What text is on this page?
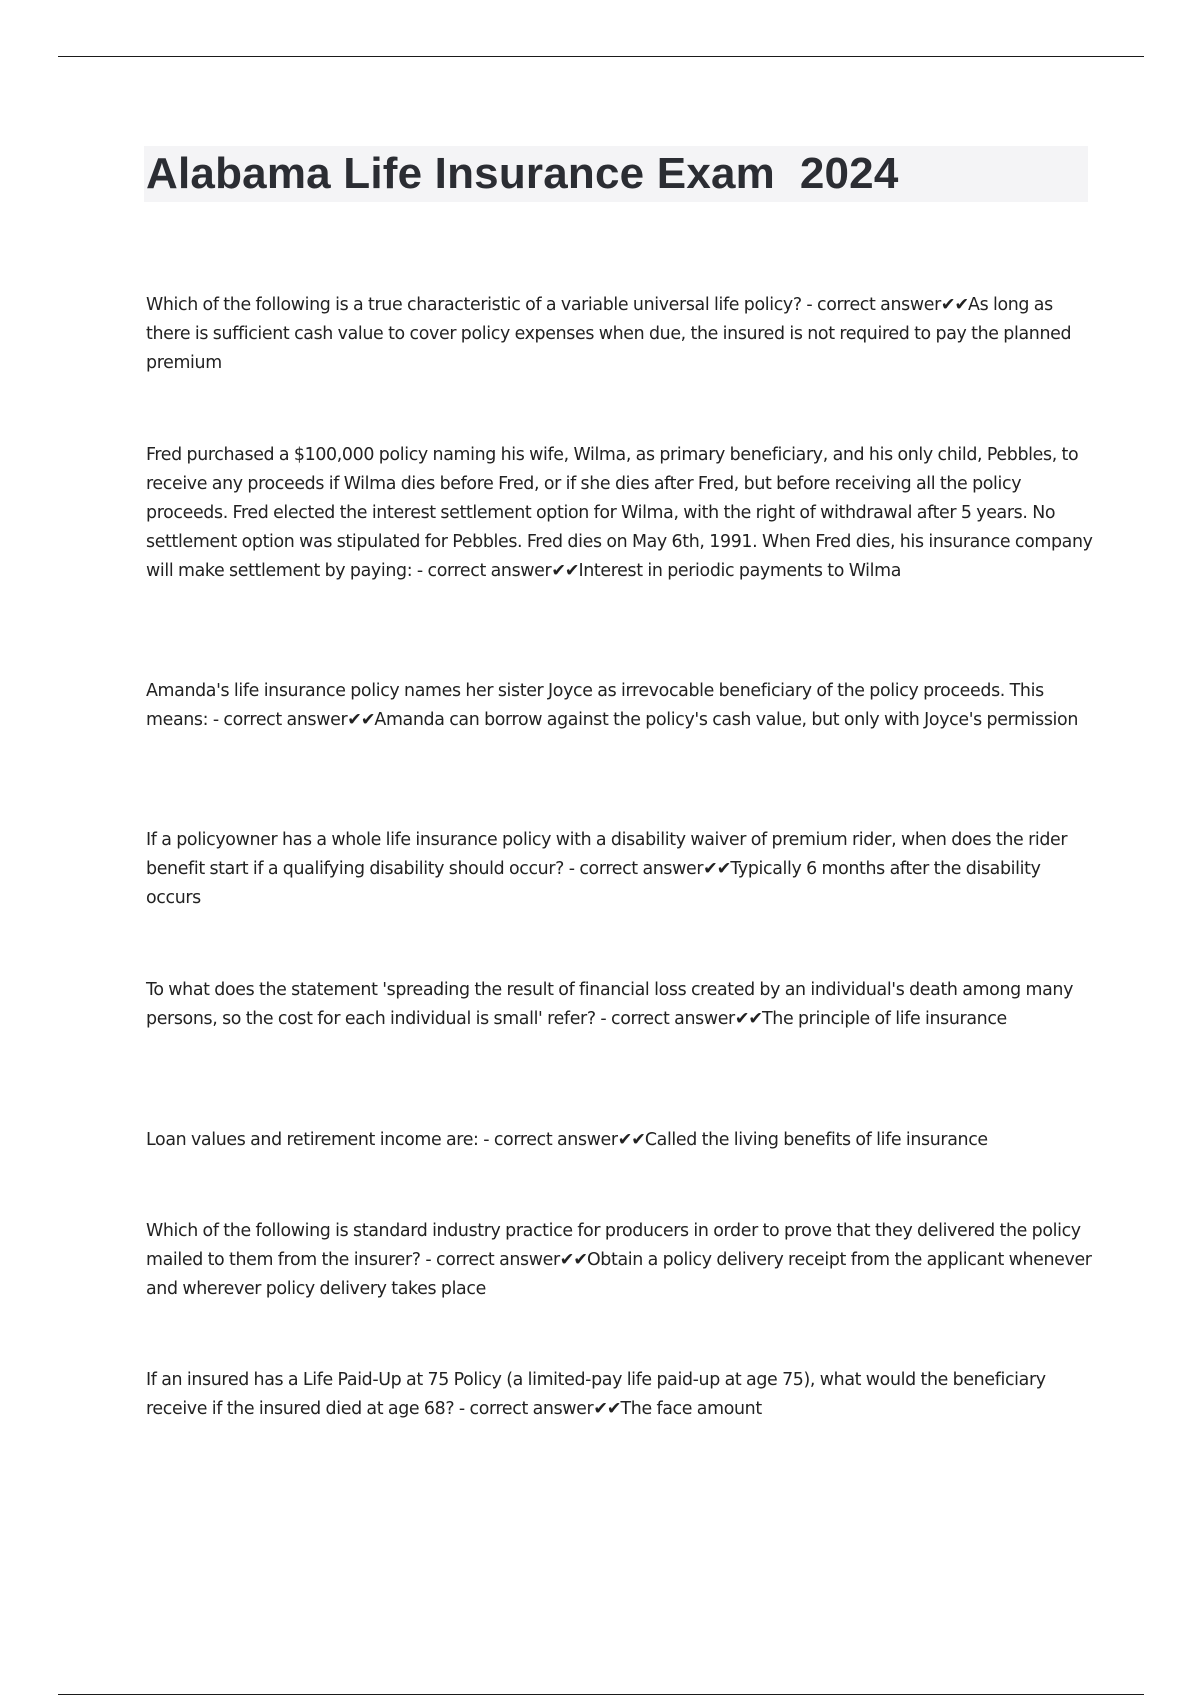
Alabama Life Insurance Exam  2024

Which of the following is a true characteristic of a variable universal life policy? - correct answer✔✔As long as there is sufficient cash value to cover policy expenses when due, the insured is not required to pay the planned premium

Fred purchased a $100,000 policy naming his wife, Wilma, as primary beneficiary, and his only child, Pebbles, to receive any proceeds if Wilma dies before Fred, or if she dies after Fred, but before receiving all the policy proceeds. Fred elected the interest settlement option for Wilma, with the right of withdrawal after 5 years. No settlement option was stipulated for Pebbles. Fred dies on May 6th, 1991. When Fred dies, his insurance company will make settlement by paying: - correct answer✔✔Interest in periodic payments to Wilma

Amanda's life insurance policy names her sister Joyce as irrevocable beneficiary of the policy proceeds. This means: - correct answer✔✔Amanda can borrow against the policy's cash value, but only with Joyce's permission

If a policyowner has a whole life insurance policy with a disability waiver of premium rider, when does the rider benefit start if a qualifying disability should occur? - correct answer✔✔Typically 6 months after the disability occurs

To what does the statement 'spreading the result of financial loss created by an individual's death among many persons, so the cost for each individual is small' refer? - correct answer✔✔The principle of life insurance

Loan values and retirement income are: - correct answer✔✔Called the living benefits of life insurance

Which of the following is standard industry practice for producers in order to prove that they delivered the policy mailed to them from the insurer? - correct answer✔✔Obtain a policy delivery receipt from the applicant whenever and wherever policy delivery takes place

If an insured has a Life Paid-Up at 75 Policy (a limited-pay life paid-up at age 75), what would the beneficiary receive if the insured died at age 68? - correct answer✔✔The face amount
